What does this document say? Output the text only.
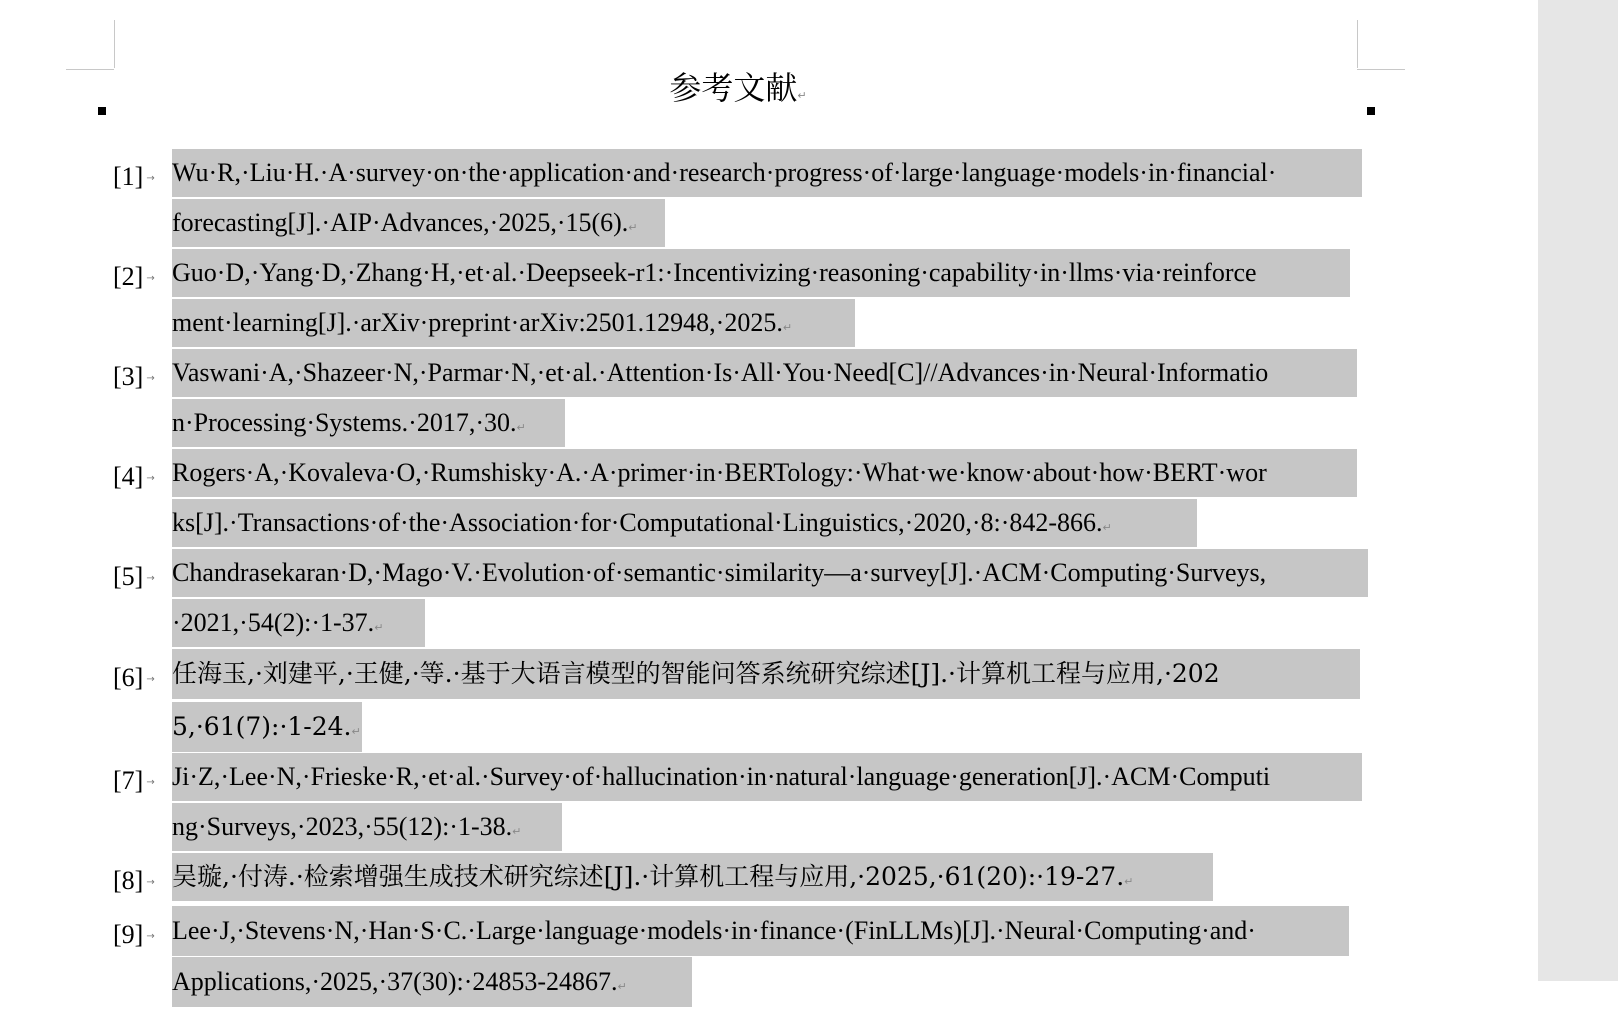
参考文献↵
[1] → Wu·R,·Liu·H.·A·survey·on·the·application·and·research·progress·of·large·language·models·in·financial·
forecasting[J].·AIP·Advances,·2025,·15(6).↵
[2] → Guo·D,·Yang·D,·Zhang·H,·et·al.·Deepseek-r1:·Incentivizing·reasoning·capability·in·llms·via·reinforce
ment·learning[J].·arXiv·preprint·arXiv:2501.12948,·2025.↵
[3] → Vaswani·A,·Shazeer·N,·Parmar·N,·et·al.·Attention·Is·All·You·Need[C]//Advances·in·Neural·Informatio
n·Processing·Systems.·2017,·30.↵
[4] → Rogers·A,·Kovaleva·O,·Rumshisky·A.·A·primer·in·BERTology:·What·we·know·about·how·BERT·wor
ks[J].·Transactions·of·the·Association·for·Computational·Linguistics,·2020,·8:·842-866.↵
[5] → Chandrasekaran·D,·Mago·V.·Evolution·of·semantic·similarity—a·survey[J].·ACM·Computing·Surveys,
·2021,·54(2):·1-37.↵
[6] → 任海玉,·刘建平,·王健,·等.·基于大语言模型的智能问答系统研究综述[J].·计算机工程与应用,·202
5,·61(7):·1-24.↵
[7] → Ji·Z,·Lee·N,·Frieske·R,·et·al.·Survey·of·hallucination·in·natural·language·generation[J].·ACM·Computi
ng·Surveys,·2023,·55(12):·1-38.↵
[8] → 吴璇,·付涛.·检索增强生成技术研究综述[J].·计算机工程与应用,·2025,·61(20):·19-27.↵
[9] → Lee·J,·Stevens·N,·Han·S·C.·Large·language·models·in·finance·(FinLLMs)[J].·Neural·Computing·and·
Applications,·2025,·37(30):·24853-24867.↵
